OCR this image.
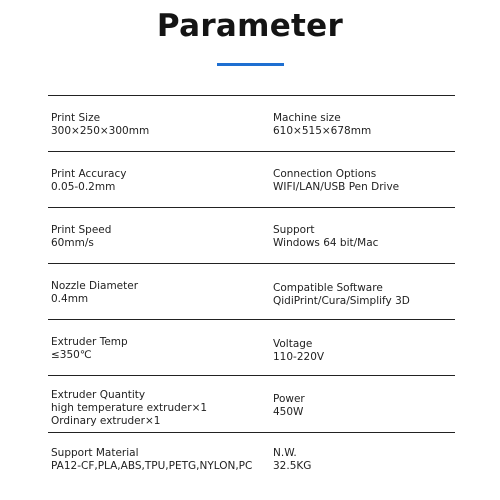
Parameter
Print Size
300×250×300mm
Machine size
610×515×678mm
Print Accuracy
0.05-0.2mm
Connection Options
WIFI/LAN/USB Pen Drive
Print Speed
60mm/s
Support
Windows 64 bit/Mac
Nozzle Diameter
0.4mm
Compatible Software
QidiPrint/Cura/Simplify 3D
Extruder Temp
≤350℃
Voltage
110-220V
Extruder Quantity
high temperature extruder×1
Ordinary extruder×1
Power
450W
Support Material
PA12-CF,PLA,ABS,TPU,PETG,NYLON,PC
N.W.
32.5KG
